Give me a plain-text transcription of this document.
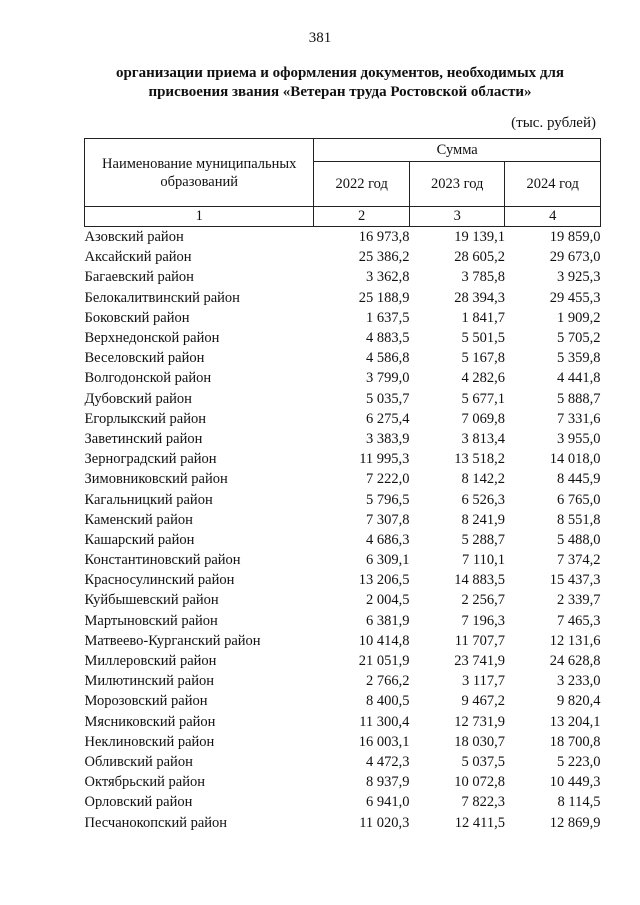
381
организации приема и оформления документов, необходимых для
присвоения звания «Ветеран труда Ростовской области»
(тыс. рублей)
Наименование муниципальных образований	Сумма		
	2022 год	2023 год	2024 год
1	2	3	4
Азовский район	16 973,8	19 139,1	19 859,0
Аксайский район	25 386,2	28 605,2	29 673,0
Багаевский район	3 362,8	3 785,8	3 925,3
Белокалитвинский район	25 188,9	28 394,3	29 455,3
Боковский район	1 637,5	1 841,7	1 909,2
Верхнедонской район	4 883,5	5 501,5	5 705,2
Веселовский район	4 586,8	5 167,8	5 359,8
Волгодонской район	3 799,0	4 282,6	4 441,8
Дубовский район	5 035,7	5 677,1	5 888,7
Егорлыкский район	6 275,4	7 069,8	7 331,6
Заветинский район	3 383,9	3 813,4	3 955,0
Зерноградский район	11 995,3	13 518,2	14 018,0
Зимовниковский район	7 222,0	8 142,2	8 445,9
Кагальницкий район	5 796,5	6 526,3	6 765,0
Каменский район	7 307,8	8 241,9	8 551,8
Кашарский район	4 686,3	5 288,7	5 488,0
Константиновский район	6 309,1	7 110,1	7 374,2
Красносулинский район	13 206,5	14 883,5	15 437,3
Куйбышевский район	2 004,5	2 256,7	2 339,7
Мартыновский район	6 381,9	7 196,3	7 465,3
Матвеево-Курганский район	10 414,8	11 707,7	12 131,6
Миллеровский район	21 051,9	23 741,9	24 628,8
Милютинский район	2 766,2	3 117,7	3 233,0
Морозовский район	8 400,5	9 467,2	9 820,4
Мясниковский район	11 300,4	12 731,9	13 204,1
Неклиновский район	16 003,1	18 030,7	18 700,8
Обливский район	4 472,3	5 037,5	5 223,0
Октябрьский район	8 937,9	10 072,8	10 449,3
Орловский район	6 941,0	7 822,3	8 114,5
Песчанокопский район	11 020,3	12 411,5	12 869,9
